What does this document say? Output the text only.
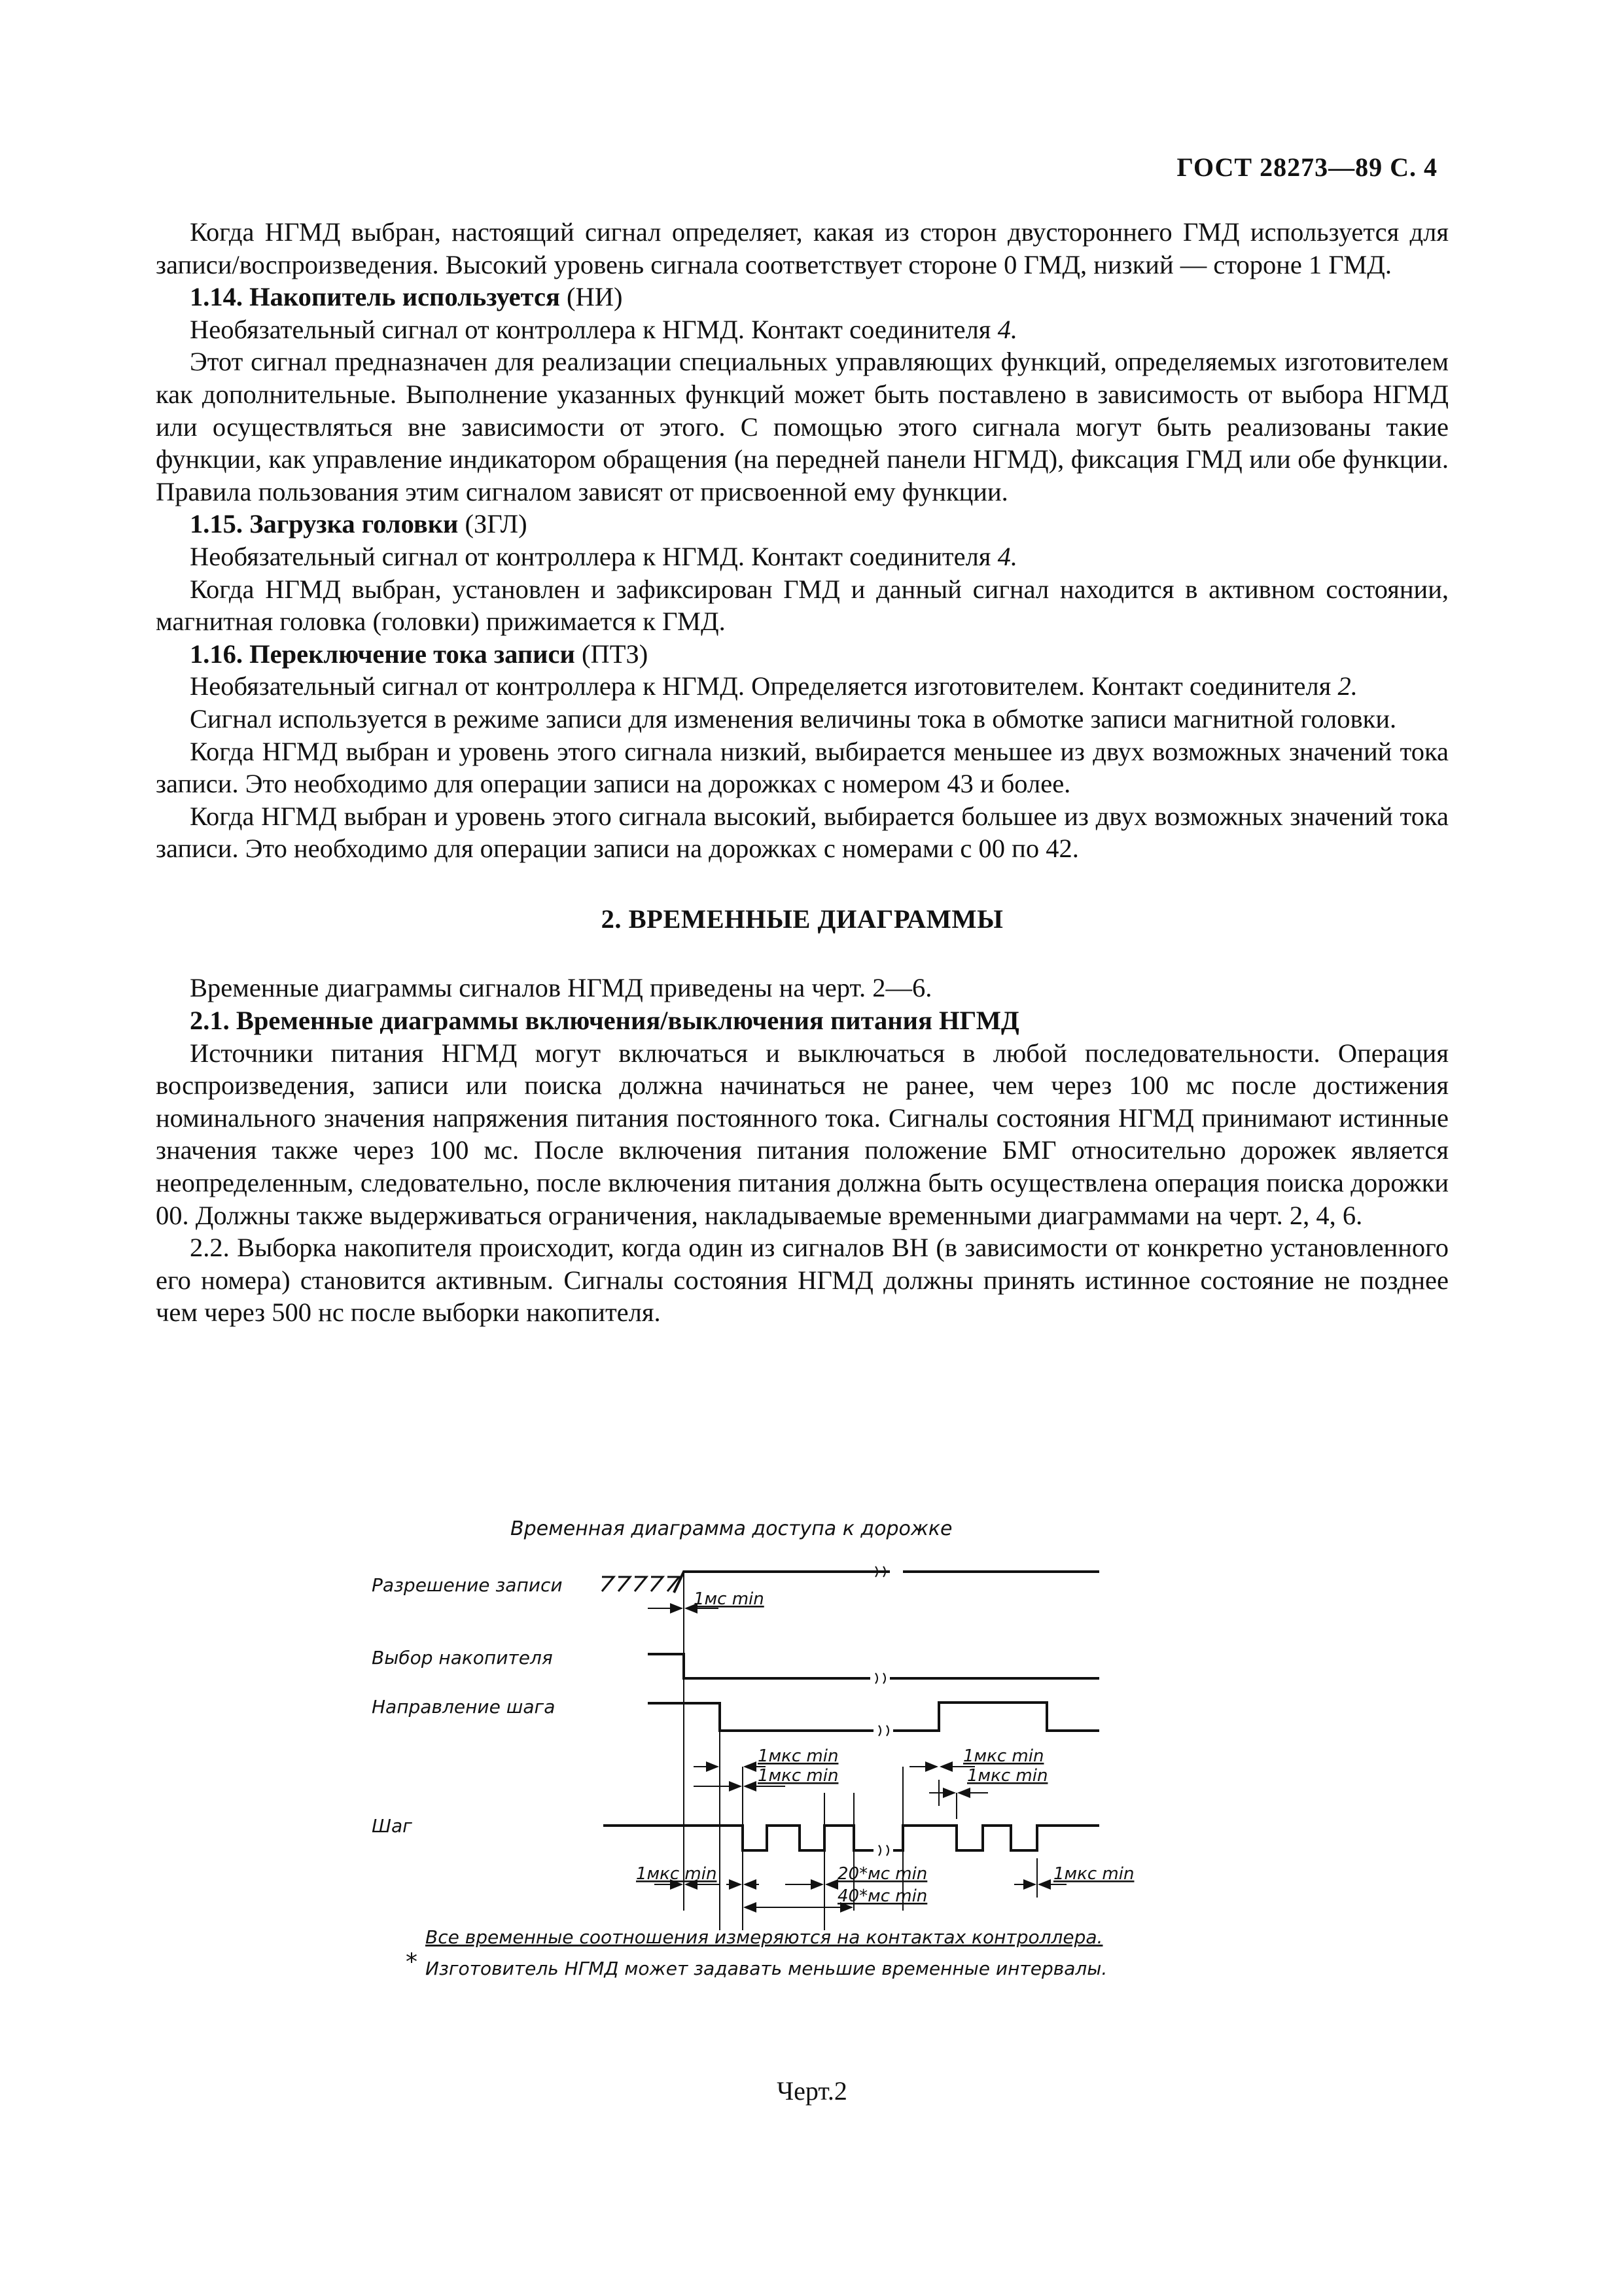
ГОСТ 28273—89 С. 4

Когда НГМД выбран, настоящий сигнал определяет, какая из сторон двустороннего ГМД используется для записи/воспроизведения. Высокий уровень сигнала соответствует стороне 0 ГМД, низкий — стороне 1 ГМД.

1.14. Накопитель используется (НИ)

Необязательный сигнал от контроллера к НГМД. Контакт соединителя 4.

Этот сигнал предназначен для реализации специальных управляющих функций, определяемых изготовителем как дополнительные. Выполнение указанных функций может быть поставлено в зависимость от выбора НГМД или осуществляться вне зависимости от этого. С помощью этого сигнала могут быть реализованы такие функции, как управление индикатором обращения (на передней панели НГМД), фиксация ГМД или обе функции. Правила пользования этим сигналом зависят от присвоенной ему функции.

1.15. Загрузка головки (ЗГЛ)

Необязательный сигнал от контроллера к НГМД. Контакт соединителя 4.

Когда НГМД выбран, установлен и зафиксирован ГМД и данный сигнал находится в активном состоянии, магнитная головка (головки) прижимается к ГМД.

1.16. Переключение тока записи (ПТЗ)

Необязательный сигнал от контроллера к НГМД. Определяется изготовителем. Контакт соединителя 2.

Сигнал используется в режиме записи для изменения величины тока в обмотке записи магнитной головки.

Когда НГМД выбран и уровень этого сигнала низкий, выбирается меньшее из двух возможных значений тока записи. Это необходимо для операции записи на дорожках с номером 43 и более.

Когда НГМД выбран и уровень этого сигнала высокий, выбирается большее из двух возможных значений тока записи. Это необходимо для операции записи на дорожках с номерами с 00 по 42.

2. ВРЕМЕННЫЕ ДИАГРАММЫ

Временные диаграммы сигналов НГМД приведены на черт. 2—6.

2.1. Временные диаграммы включения/выключения питания НГМД

Источники питания НГМД могут включаться и выключаться в любой последовательности. Операция воспроизведения, записи или поиска должна начинаться не ранее, чем через 100 мс после достижения номинального значения напряжения питания постоянного тока. Сигналы состояния НГМД принимают истинные значения также через 100 мс. После включения питания положение БМГ относительно дорожек является неопределенным, следовательно, после включения питания должна быть осуществлена операция поиска дорожки 00. Должны также выдерживаться ограничения, накладываемые временными диаграммами на черт. 2, 4, 6.

2.2. Выборка накопителя происходит, когда один из сигналов ВН (в зависимости от конкретно установленного его номера) становится активным. Сигналы состояния НГМД должны принять истинное состояние не позднее чем через 500 нс после выборки накопителя.

Временная диаграмма доступа к дорожке
Разрешение записи
Выбор накопителя
Направление шага
Шаг
1мс min
1мкс min
1мкс min
1мкс min
1мкс min
1мкс min	20*мс min
40*мс min
1мкс min
Все временные соотношения измеряются на контактах контроллера.
* Изготовитель НГМД может задавать меньшие временные интервалы.
Черт.2
